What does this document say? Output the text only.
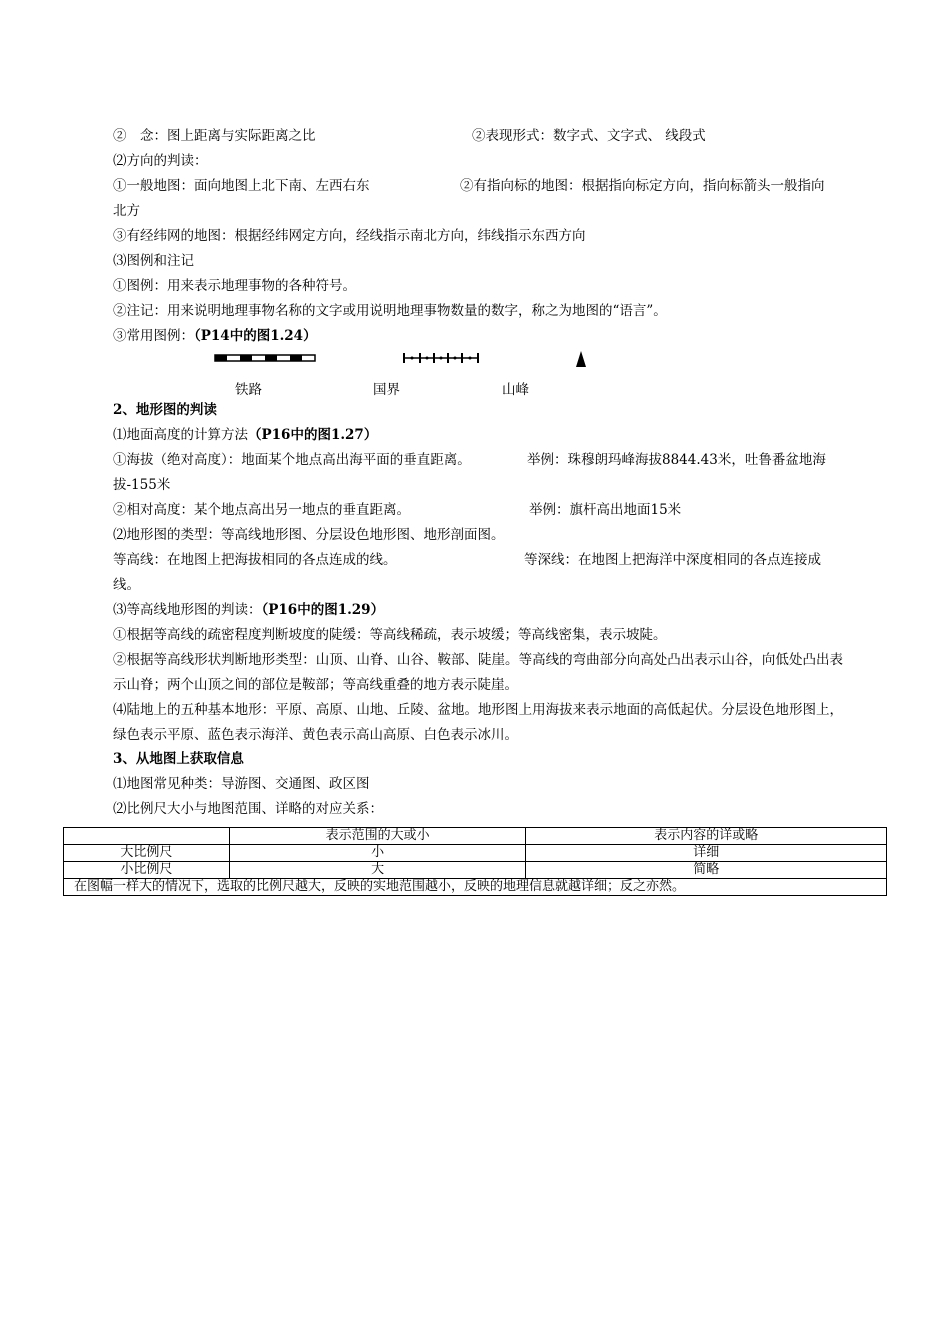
②　念：图上距离与实际距离之比	②表现形式：数字式、文字式、 线段式
⑵方向的判读：
①一般地图：面向地图上北下南、左西右东	②有指向标的地图：根据指向标定方向，指向标箭头一般指向
北方
③有经纬网的地图：根据经纬网定方向，经线指示南北方向，纬线指示东西方向
⑶图例和注记
①图例：用来表示地理事物的各种符号。
②注记：用来说明地理事物名称的文字或用说明地理事物数量的数字，称之为地图的“语言”。
③常用图例：（P14中的图1.24）
铁路	国界	山峰
2、地形图的判读
⑴地面高度的计算方法（P16中的图1.27）
①海拔（绝对高度）：地面某个地点高出海平面的垂直距离。	举例：珠穆朗玛峰海拔8844.43米，吐鲁番盆地海
拔-155米
②相对高度：某个地点高出另一地点的垂直距离。	举例：旗杆高出地面15米
⑵地形图的类型：等高线地形图、分层设色地形图、地形剖面图。
等高线：在地图上把海拔相同的各点连成的线。	等深线：在地图上把海洋中深度相同的各点连接成
线。
⑶等高线地形图的判读：（P16中的图1.29）
①根据等高线的疏密程度判断坡度的陡缓：等高线稀疏，表示坡缓；等高线密集，表示坡陡。
②根据等高线形状判断地形类型：山顶、山脊、山谷、鞍部、陡崖。等高线的弯曲部分向高处凸出表示山谷，向低处凸出表示山脊；两个山顶之间的部位是鞍部；等高线重叠的地方表示陡崖。
⑷陆地上的五种基本地形：平原、高原、山地、丘陵、盆地。地形图上用海拔来表示地面的高低起伏。分层设色地形图上，绿色表示平原、蓝色表示海洋、黄色表示高山高原、白色表示冰川。
3、从地图上获取信息
⑴地图常见种类：导游图、交通图、政区图
⑵比例尺大小与地图范围、详略的对应关系：
	表示范围的大或小	表示内容的详或略
大比例尺	小	详细
小比例尺	大	简略
在图幅一样大的情况下，选取的比例尺越大，反映的实地范围越小，反映的地理信息就越详细；反之亦然。		
